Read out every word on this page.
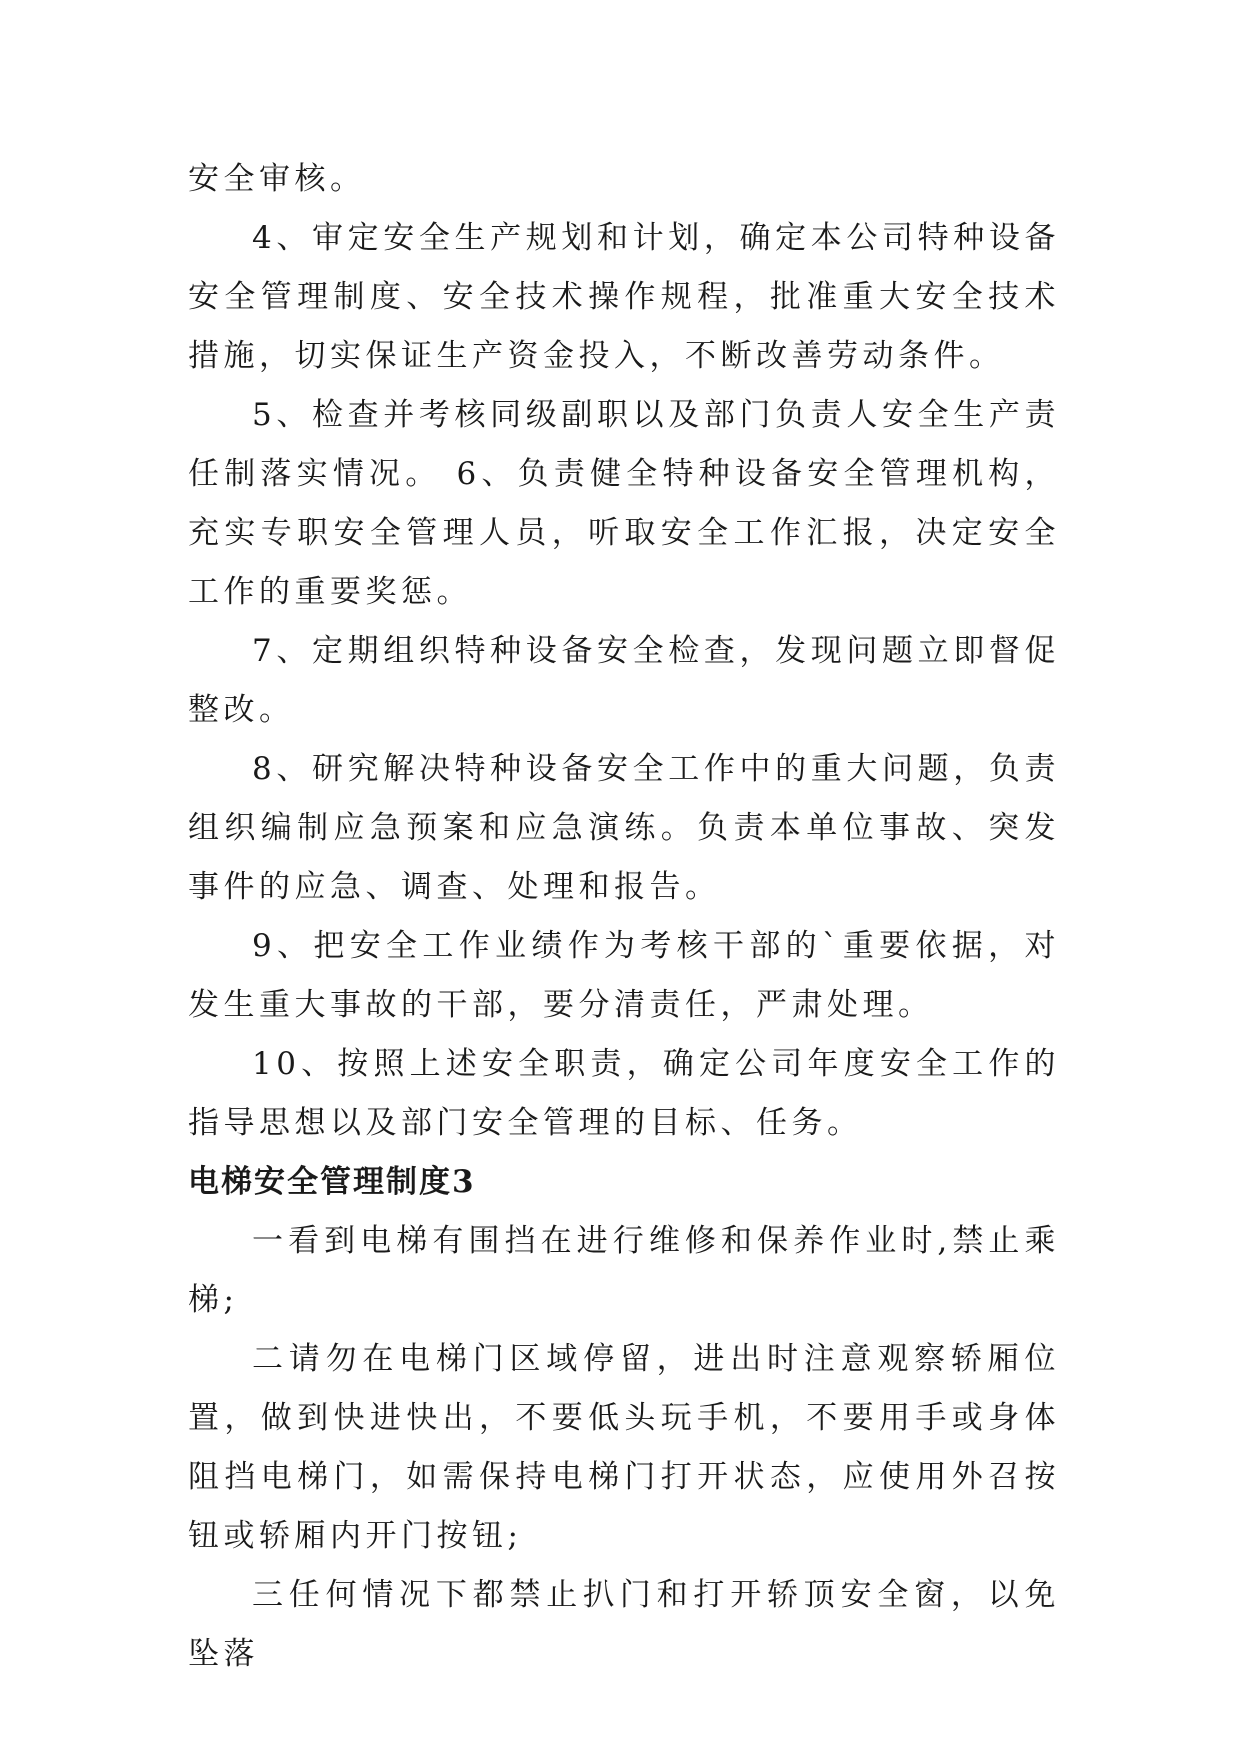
安全审核。

4、审定安全生产规划和计划，确定本公司特种设备安全管理制度、安全技术操作规程，批准重大安全技术措施，切实保证生产资金投入，不断改善劳动条件。

5、检查并考核同级副职以及部门负责人安全生产责任制落实情况。 6、负责健全特种设备安全管理机构，充实专职安全管理人员，听取安全工作汇报，决定安全工作的重要奖惩。

7、定期组织特种设备安全检查，发现问题立即督促整改。

8、研究解决特种设备安全工作中的重大问题，负责组织编制应急预案和应急演练。负责本单位事故、突发事件的应急、调查、处理和报告。

9、把安全工作业绩作为考核干部的`重要依据，对发生重大事故的干部，要分清责任，严肃处理。

10、按照上述安全职责，确定公司年度安全工作的指导思想以及部门安全管理的目标、任务。

电梯安全管理制度3

一看到电梯有围挡在进行维修和保养作业时,禁止乘梯;

二请勿在电梯门区域停留，进出时注意观察轿厢位置，做到快进快出，不要低头玩手机，不要用手或身体阻挡电梯门，如需保持电梯门打开状态，应使用外召按钮或轿厢内开门按钮;

三任何情况下都禁止扒门和打开轿顶安全窗，以免坠落
